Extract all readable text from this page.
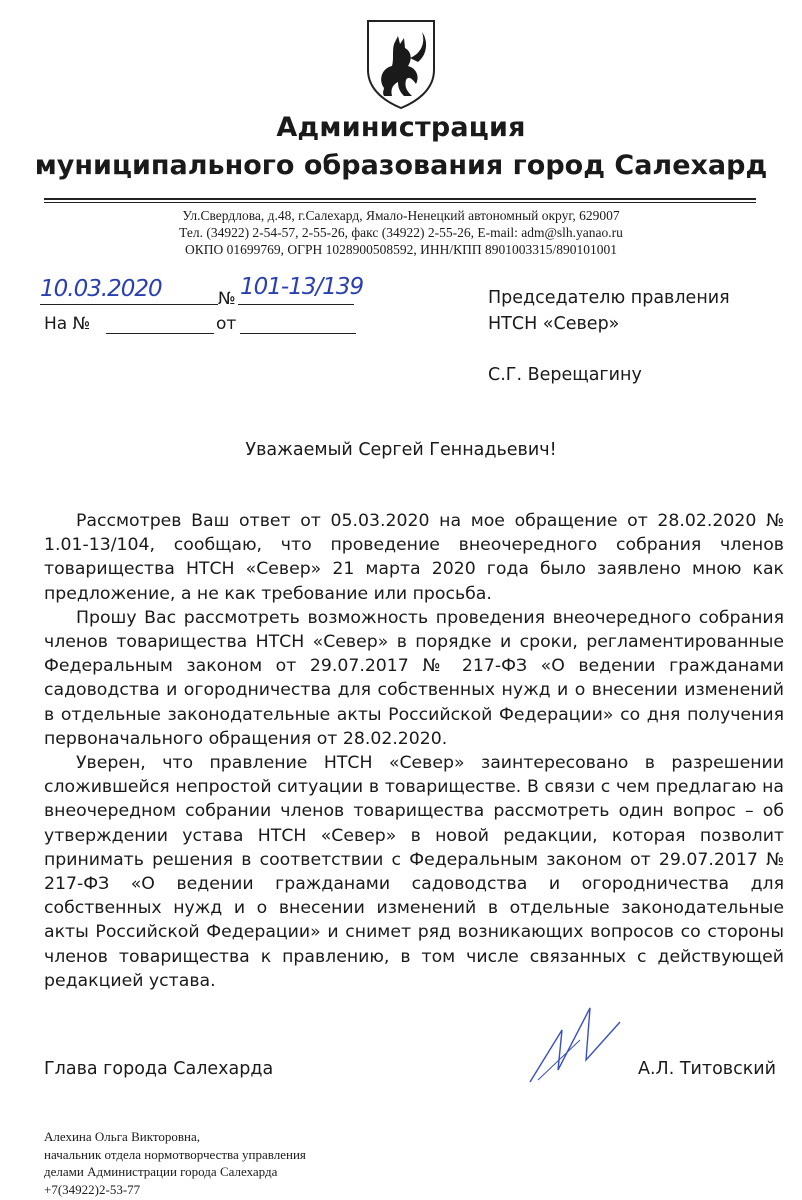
Администрация
муниципального образования город Салехард
Ул.Свердлова, д.48, г.Салехард, Ямало-Ненецкий автономный округ, 629007
Тел. (34922) 2-54-57, 2-55-26, факс (34922) 2-55-26, E-mail: adm@slh.yanao.ru
ОКПО 01699769, ОГРН 1028900508592, ИНН/КПП 8901003315/890101001
10.03.2020	№ 101-13/139
На №	от
Председателю правления
НТСН «Север»
С.Г. Верещагину
Уважаемый Сергей Геннадьевич!

Рассмотрев Ваш ответ от 05.03.2020 на мое обращение от 28.02.2020 № 1.01-13/104, сообщаю, что проведение внеочередного собрания членов товарищества НТСН «Север» 21 марта 2020 года было заявлено мною как предложение, а не как требование или просьба.

Прошу Вас рассмотреть возможность проведения внеочередного собрания членов товарищества НТСН «Север» в порядке и сроки, регламентированные Федеральным законом от 29.07.2017 № 217-ФЗ «О ведении гражданами садоводства и огородничества для собственных нужд и о внесении изменений в отдельные законодательные акты Российской Федерации» со дня получения первоначального обращения от 28.02.2020.

Уверен, что правление НТСН «Север» заинтересовано в разрешении сложившейся непростой ситуации в товариществе. В связи с чем предлагаю на внеочередном собрании членов товарищества рассмотреть один вопрос – об утверждении устава НТСН «Север» в новой редакции, которая позволит принимать решения в соответствии с Федеральным законом от 29.07.2017 № 217-ФЗ «О ведении гражданами садоводства и огородничества для собственных нужд и о внесении изменений в отдельные законодательные акты Российской Федерации» и снимет ряд возникающих вопросов со стороны членов товарищества к правлению, в том числе связанных с действующей редакцией устава.

Глава города Салехарда	А.Л. Титовский
Алехина Ольга Викторовна,
начальник отдела нормотворчества управления
делами Администрации города Салехарда
+7(34922)2-53-77
